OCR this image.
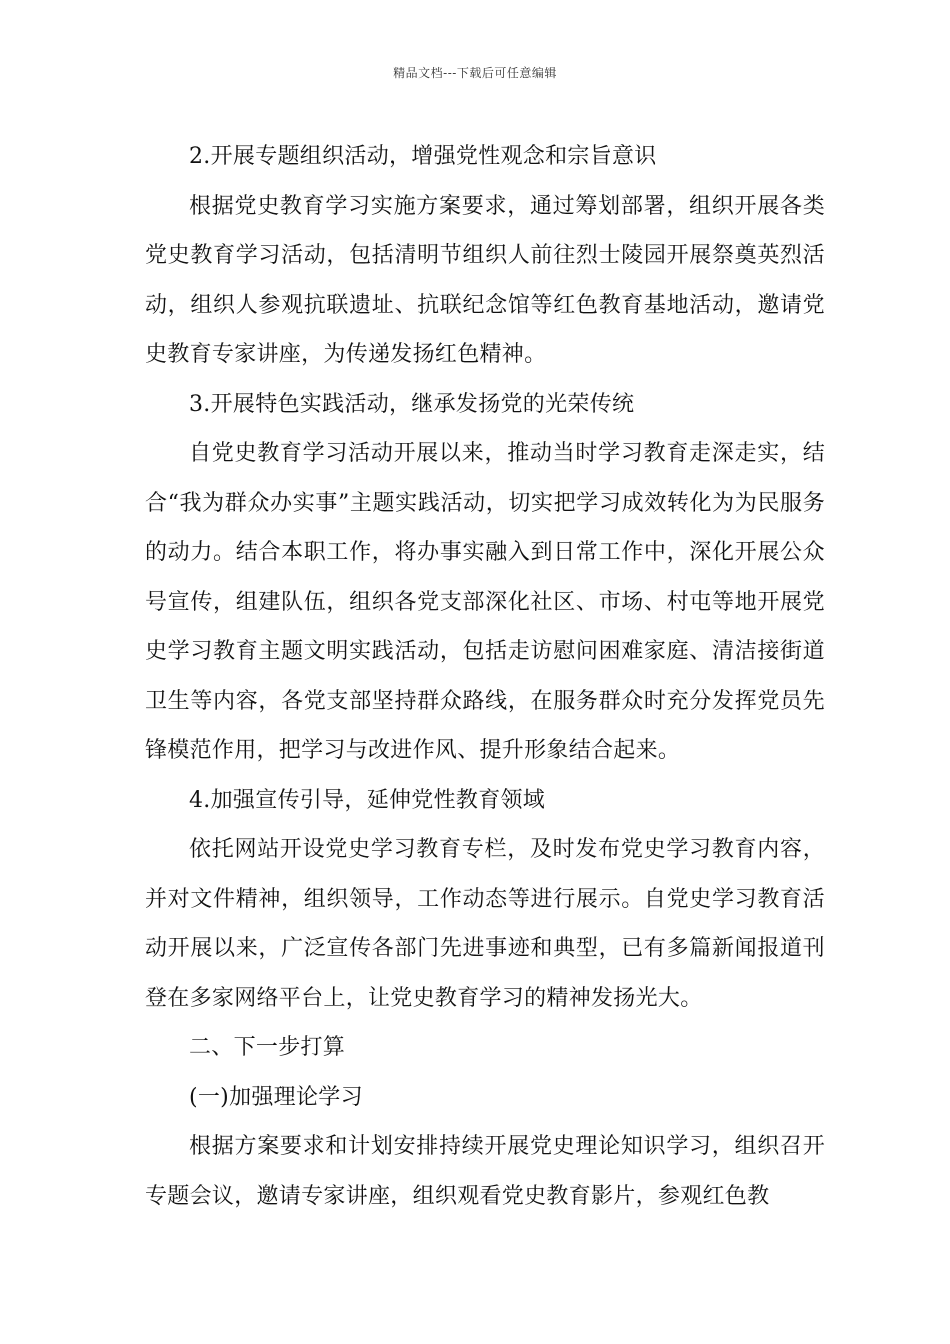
精品文档---下载后可任意编辑

2.开展专题组织活动，增强党性观念和宗旨意识

根据党史教育学习实施方案要求，通过筹划部署，组织开展各类党史教育学习活动，包括清明节组织人前往烈士陵园开展祭奠英烈活动，组织人参观抗联遗址、抗联纪念馆等红色教育基地活动，邀请党史教育专家讲座，为传递发扬红色精神。

3.开展特色实践活动，继承发扬党的光荣传统

自党史教育学习活动开展以来，推动当时学习教育走深走实，结合“我为群众办实事”主题实践活动，切实把学习成效转化为为民服务的动力。结合本职工作，将办事实融入到日常工作中，深化开展公众号宣传，组建队伍，组织各党支部深化社区、市场、村屯等地开展党史学习教育主题文明实践活动，包括走访慰问困难家庭、清洁接街道卫生等内容，各党支部坚持群众路线，在服务群众时充分发挥党员先锋模范作用，把学习与改进作风、提升形象结合起来。

4.加强宣传引导，延伸党性教育领域

依托网站开设党史学习教育专栏，及时发布党史学习教育内容，并对文件精神，组织领导，工作动态等进行展示。自党史学习教育活动开展以来，广泛宣传各部门先进事迹和典型，已有多篇新闻报道刊登在多家网络平台上，让党史教育学习的精神发扬光大。

二、下一步打算

(一)加强理论学习

根据方案要求和计划安排持续开展党史理论知识学习，组织召开专题会议，邀请专家讲座，组织观看党史教育影片，参观红色教
